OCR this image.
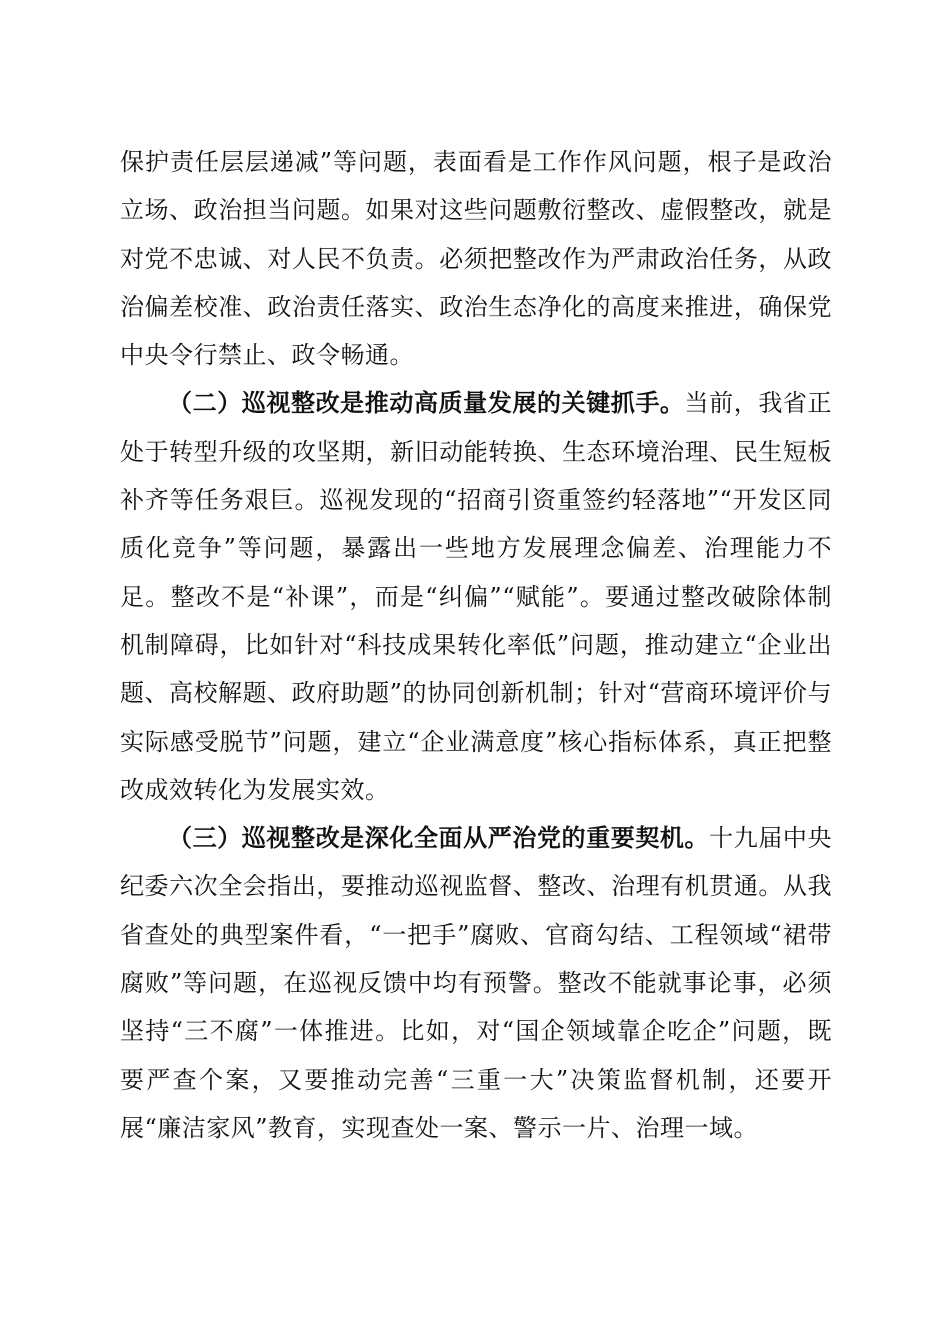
保护责任层层递减”等问题，表面看是工作作风问题，根子是政治立场、政治担当问题。如果对这些问题敷衍整改、虚假整改，就是对党不忠诚、对人民不负责。必须把整改作为严肃政治任务，从政治偏差校准、政治责任落实、政治生态净化的高度来推进，确保党中央令行禁止、政令畅通。

（二）巡视整改是推动高质量发展的关键抓手。当前，我省正处于转型升级的攻坚期，新旧动能转换、生态环境治理、民生短板补齐等任务艰巨。巡视发现的“招商引资重签约轻落地”“开发区同质化竞争”等问题，暴露出一些地方发展理念偏差、治理能力不足。整改不是“补课”，而是“纠偏”“赋能”。要通过整改破除体制机制障碍，比如针对“科技成果转化率低”问题，推动建立“企业出题、高校解题、政府助题”的协同创新机制；针对“营商环境评价与实际感受脱节”问题，建立“企业满意度”核心指标体系，真正把整改成效转化为发展实效。

（三）巡视整改是深化全面从严治党的重要契机。十九届中央纪委六次全会指出，要推动巡视监督、整改、治理有机贯通。从我省查处的典型案件看，“一把手”腐败、官商勾结、工程领域“裙带腐败”等问题，在巡视反馈中均有预警。整改不能就事论事，必须坚持“三不腐”一体推进。比如，对“国企领域靠企吃企”问题，既要严查个案，又要推动完善“三重一大”决策监督机制，还要开展“廉洁家风”教育，实现查处一案、警示一片、治理一域。
